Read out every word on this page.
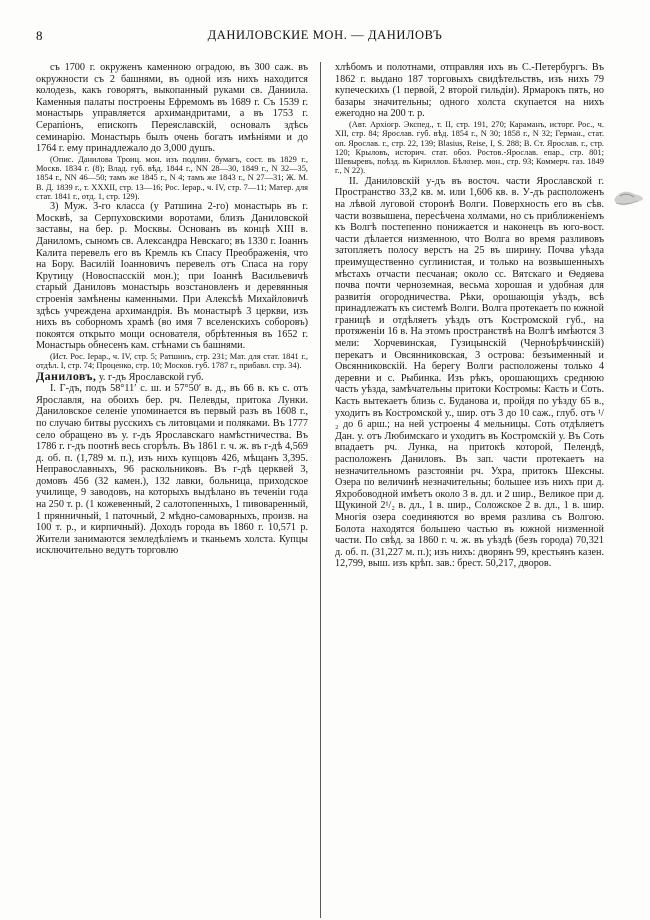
8	ДАНИЛОВСКИЕ МОН. — ДАНИЛОВЪ

съ 1700 г. окруженъ каменною оградою, въ 300 саж. въ окружности съ 2 башнями, въ одной изъ нихъ находится колодезь, какъ говорятъ, выкопанный руками св. Даниила. Каменныя палаты построены Ефремомъ въ 1689 г. Съ 1539 г. монастырь управляется архимандритами, а въ 1753 г. Серапіонъ, епископъ Переяславскій, основалъ здѣсь семинарію. Монастырь былъ очень богатъ имѣніями и до 1764 г. ему принадлежало до 3,000 душъ.

(Опис. Данилова Троиц. мон. изъ подлин. бумагъ, сост. въ 1829 г., Москв. 1834 г. (8); Влад. губ. вѣд. 1844 г., NN 28—30, 1849 г., N 32—35, 1854 г., NN 46—50; тамъ же 1845 г., N 4; тамъ же 1843 г., N 27—31; Ж. М. В. Д. 1839 г., т. ХХХІІ, стр. 13—16; Рос. Іерар., ч. IV, стр. 7—11; Матер. для стат. 1841 г., отд. 1, стр. 129).

3) Муж. 3-го класса (у Ратшина 2-го) монастырь въ г. Москвѣ, за Серпуховскими воротами, близъ Даниловской заставы, на бер. р. Москвы. Основанъ въ концѣ ХІІІ в. Даниломъ, сыномъ св. Александра Невскаго; въ 1330 г. Іоаннъ Калита перевелъ его въ Кремль къ Спасу Преображенія, что на Бору. Василій Іоанновичъ перевелъ отъ Спаса на гору Крутицу (Новоспасскій мон.); при Іоаннѣ Васильевичѣ старый Даниловъ монастырь возстановленъ и деревянныя строенія замѣнены каменными. При Алексѣѣ Михайловичѣ здѣсь учреждена архимандрія. Въ монастырѣ 3 церкви, изъ нихъ въ соборномъ храмѣ (во имя 7 вселенскихъ соборовъ) покоятся открыто мощи основателя, обрѣтенныя въ 1652 г. Монастырь обнесенъ кам. стѣнами съ башнями.

(Ист. Рос. Іерар., ч. IV, стр. 5; Ратшинъ, стр. 231; Мат. для стат. 1841 г., отдѣл. I, стр. 74; Проценко, стр. 10; Москов. губ. 1787 г., прибавл. стр. 34).

Даниловъ, у. г-дъ Ярославской губ.

I. Г-дъ, подъ 58°11′ с. ш. и 57°50′ в. д., въ 66 в. къ с. отъ Ярославля, на обоихъ бер. рч. Пелевды, притока Лунки. Даниловское селеніе упоминается въ первый разъ въ 1608 г., по случаю битвы русскихъ съ литовцами и поляками. Въ 1777 село обращено въ у. г-дъ Ярославскаго намѣстничества. Въ 1786 г. г-дъ поотнѣ весь сгорѣлъ. Въ 1861 г. ч. ж. въ г-дѣ 4,569 д. об. п. (1,789 м. п.), изъ нихъ купцовъ 426, мѣщанъ 3,395. Неправославныхъ, 96 раскольниковъ. Въ г-дѣ церквей 3, домовъ 456 (32 камен.), 132 лавки, больница, приходское училище, 9 заводовъ, на которыхъ выдѣлано въ теченіи года на 250 т. р. (1 кожевенный, 2 салотопенныхъ, 1 пивоваренный, 1 прянничный, 1 паточный, 2 мѣдно-самоварныхъ, произв. на 100 т. р., и кирпичный). Доходъ города въ 1860 г. 10,571 р. Жители занимаются земледѣліемъ и тканьемъ холста. Купцы исключительно ведутъ торговлю

хлѣбомъ и полотнами, отправляя ихъ въ С.-Петербургъ. Въ 1862 г. выдано 187 торговыхъ свидѣтельствъ, изъ нихъ 79 купеческихъ (1 первой, 2 второй гильдіи). Ярмарокъ пять, но базары значительны; одного холста скупается на нихъ ежегодно на 200 т. р.

(Авт. Архіогр. Экспед., т. II, стр. 191, 270; Караманъ, исторг. Рос., ч. XII, стр. 84; Ярослав. губ. вѣд. 1854 г., N 30; 1858 г., N 32; Герман., стат. оп. Ярослав. г., стр. 22, 139; Blasius, Reise, I, S. 288; В. Ст. Ярослав. г., стр. 120; Крыловъ, историч. стат. обоз. Ростов.-Ярослав. епар., стр. 801; Шевыревъ, поѣзд. въ Кириллов. Бѣлозер. мон., стр. 93; Коммерч. газ. 1849 г., N 22).

II. Даниловскій у-дъ въ восточ. части Ярославской г. Пространство 33,2 кв. м. или 1,606 кв. в. У-дъ расположенъ на лѣвой луговой сторонѣ Волги. Поверхность его въ сѣв. части возвышена, пересѣчена холмами, но съ приближеніемъ къ Волгѣ постепенно понижается и наконецъ въ юго-вост. части дѣлается низменною, что Волга во время разливовъ затопляетъ полосу верстъ на 25 въ ширину. Почва уѣзда преимущественно суглинистая, и только на возвышенныхъ мѣстахъ отчасти песчаная; около сс. Вятскаго и Ѳедяева почва почти черноземная, весьма хорошая и удобная для развитія огородничества. Рѣки, орошающія уѣздъ, всѣ принадлежатъ къ системѣ Волги. Волга протекаетъ по южной границѣ и отдѣляетъ уѣздъ отъ Костромской губ., на протяженіи 16 в. На этомъ пространствѣ на Волгѣ имѣются 3 мели: Хорчевинская, Гузицынскій (Черноѣрѣчинскій) перекатъ и Овсянниковская, 3 острова: безъименный и Овсянниковскій. На берегу Волги расположены только 4 деревни и с. Рыбинка. Изъ рѣкъ, орошающихъ среднюю часть уѣзда, замѣчательны притоки Костромы: Касть и Соть. Касть вытекаетъ близь с. Буданова и, пройдя по уѣзду 65 в., уходитъ въ Костромской у., шир. отъ 3 до 10 саж., глуб. отъ ¹/₂ до 6 арш.; на ней устроены 4 мельницы. Соть отдѣляетъ Дан. у. отъ Любимскаго и уходитъ въ Костромскій у. Въ Соть впадаетъ рч. Лунка, на притокѣ которой, Пелендѣ, расположенъ Даниловъ. Въ зап. части протекаетъ на незначительномъ разстояніи рч. Ухра, притокъ Шексны. Озера по величинѣ незначительны; большее изъ нихъ при д. Яхробоводной имѣетъ около 3 в. дл. и 2 шир., Великое при д. Щукиной 2¹/₂ в. дл., 1 в. шир., Соложское 2 в. дл., 1 в. шир. Многія озера соединяются во время разлива съ Волгою. Болота находятся большею частью въ южной низменной части. По свѣд. за 1860 г. ч. ж. въ уѣздѣ (безъ города) 70,321 д. об. п. (31,227 м. п.); изъ нихъ: дворянъ 99, крестьянъ казен. 12,799, выш. изъ крѣп. зав.: брест. 50,217, дворов.
